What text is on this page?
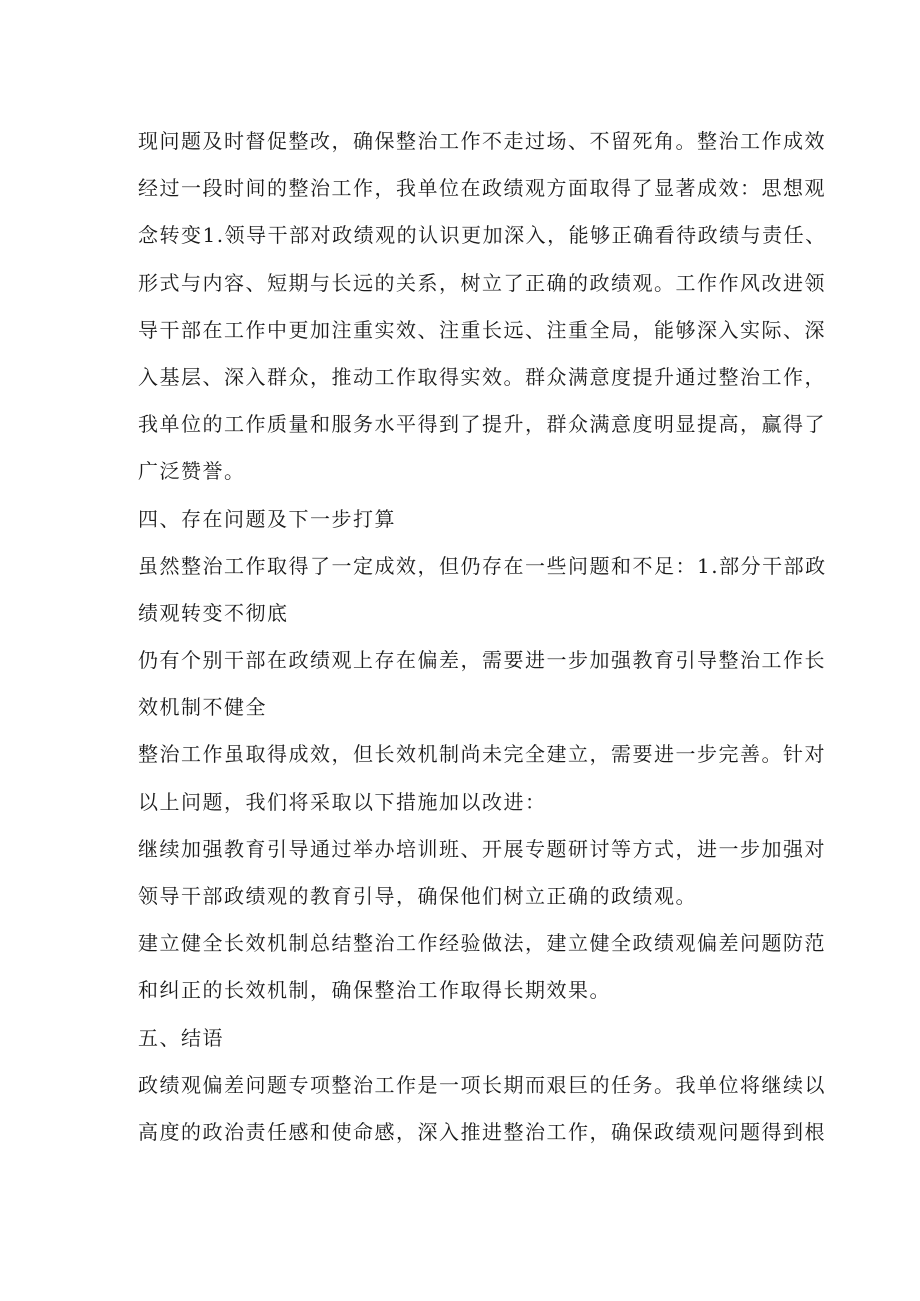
现问题及时督促整改，确保整治工作不走过场、不留死角。整治工作成效
经过一段时间的整治工作，我单位在政绩观方面取得了显著成效：思想观
念转变1.领导干部对政绩观的认识更加深入，能够正确看待政绩与责任、
形式与内容、短期与长远的关系，树立了正确的政绩观。工作作风改进领
导干部在工作中更加注重实效、注重长远、注重全局，能够深入实际、深
入基层、深入群众，推动工作取得实效。群众满意度提升通过整治工作，
我单位的工作质量和服务水平得到了提升，群众满意度明显提高，赢得了
广泛赞誉。
四、存在问题及下一步打算
虽然整治工作取得了一定成效，但仍存在一些问题和不足：1.部分干部政
绩观转变不彻底
仍有个别干部在政绩观上存在偏差，需要进一步加强教育引导整治工作长
效机制不健全
整治工作虽取得成效，但长效机制尚未完全建立，需要进一步完善。针对
以上问题，我们将采取以下措施加以改进：
继续加强教育引导通过举办培训班、开展专题研讨等方式，进一步加强对
领导干部政绩观的教育引导，确保他们树立正确的政绩观。
建立健全长效机制总结整治工作经验做法，建立健全政绩观偏差问题防范
和纠正的长效机制，确保整治工作取得长期效果。
五、结语
政绩观偏差问题专项整治工作是一项长期而艰巨的任务。我单位将继续以
高度的政治责任感和使命感，深入推进整治工作，确保政绩观问题得到根
